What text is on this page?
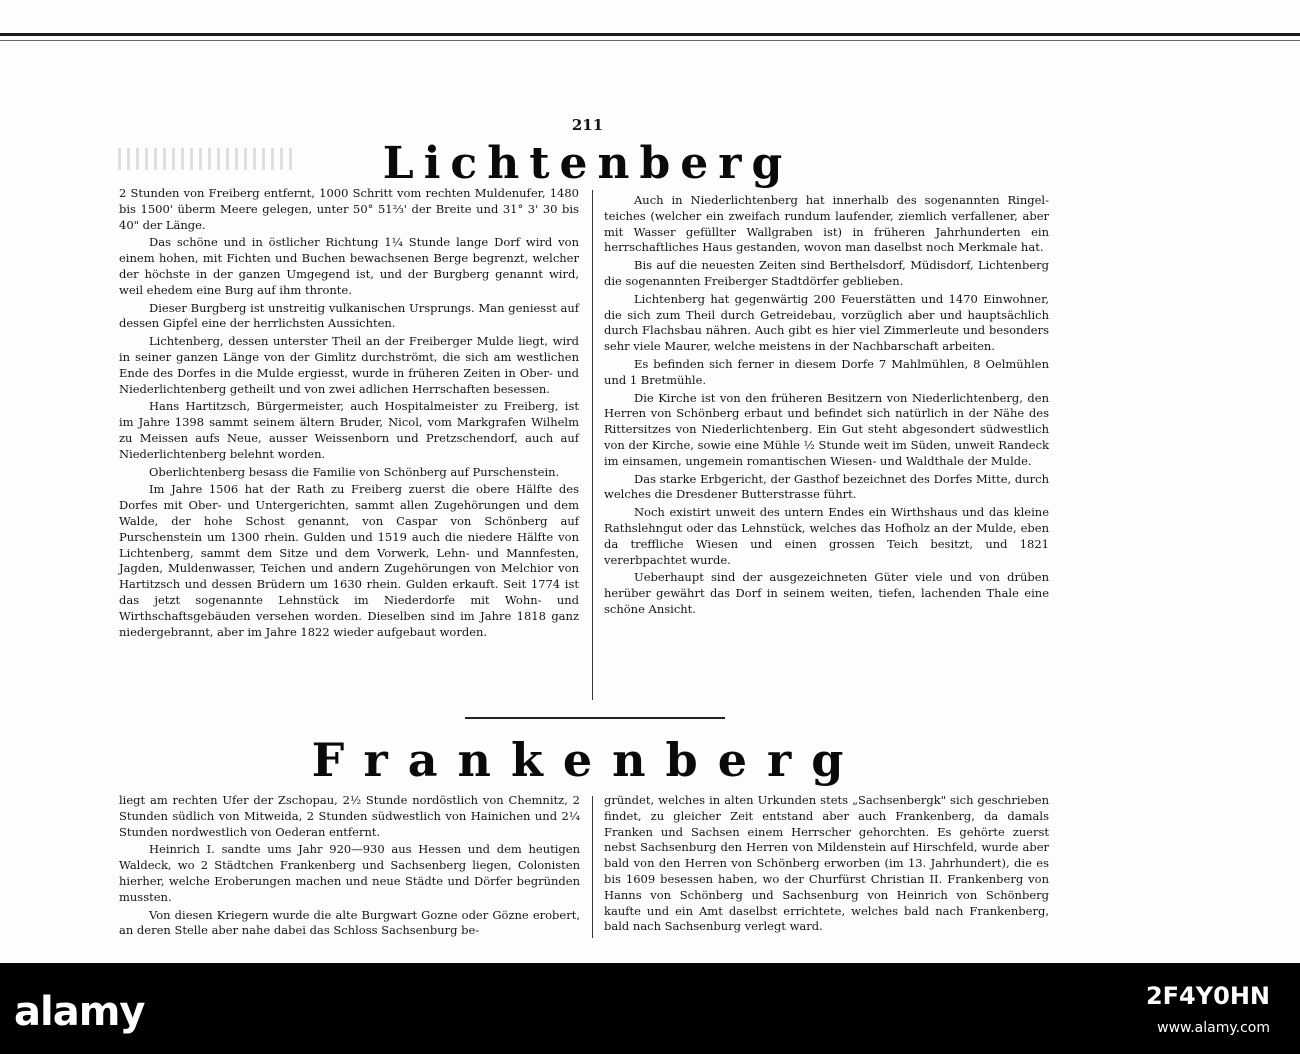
211
Lichtenberg

2 Stunden von Freiberg entfernt, 1000 Schritt vom rechten Muldenufer, 1480 bis 1500' überm Meere gelegen, unter 50° 51⅔' der Breite und 31° 3' 30 bis 40" der Länge.

Das schöne und in östlicher Richtung 1¼ Stunde lange Dorf wird von einem hohen, mit Fichten und Buchen bewachsenen Berge begrenzt, welcher der höchste in der ganzen Umgegend ist, und der Burgberg genannt wird, weil ehedem eine Burg auf ihm thronte.

Dieser Burgberg ist unstreitig vulkanischen Ursprungs. Man geniesst auf dessen Gipfel eine der herrlichsten Aussichten.

Lichtenberg, dessen unterster Theil an der Freiberger Mulde liegt, wird in seiner ganzen Länge von der Gimlitz durchströmt, die sich am westlichen Ende des Dorfes in die Mulde ergiesst, wurde in früheren Zeiten in Ober- und Niederlichtenberg getheilt und von zwei adlichen Herrschaften besessen.

Hans Hartitzsch, Bürgermeister, auch Hospitalmeister zu Freiberg, ist im Jahre 1398 sammt seinem ältern Bruder, Nicol, vom Markgrafen Wilhelm zu Meissen aufs Neue, ausser Weissenborn und Pretzschendorf, auch auf Niederlichtenberg belehnt worden.

Oberlichtenberg besass die Familie von Schönberg auf Purschenstein.

Im Jahre 1506 hat der Rath zu Freiberg zuerst die obere Hälfte des Dorfes mit Ober- und Untergerichten, sammt allen Zugehörungen und dem Walde, der hohe Schost genannt, von Caspar von Schönberg auf Purschenstein um 1300 rhein. Gulden und 1519 auch die niedere Hälfte von Lichtenberg, sammt dem Sitze und dem Vorwerk, Lehn- und Mannfesten, Jagden, Muldenwasser, Teichen und andern Zugehörungen von Melchior von Hartitzsch und dessen Brüdern um 1630 rhein. Gulden erkauft. Seit 1774 ist das jetzt sogenannte Lehnstück im Niederdorfe mit Wohn- und Wirthschaftsgebäuden versehen worden. Dieselben sind im Jahre 1818 ganz niedergebrannt, aber im Jahre 1822 wieder aufgebaut worden.

Auch in Niederlichtenberg hat innerhalb des sogenannten Ringelteiches (welcher ein zweifach rundum laufender, ziemlich verfallener, aber mit Wasser gefüllter Wallgraben ist) in früheren Jahrhunderten ein herrschaftliches Haus gestanden, wovon man daselbst noch Merkmale hat.

Bis auf die neuesten Zeiten sind Berthelsdorf, Müdisdorf, Lichtenberg die sogenannten Freiberger Stadtdörfer geblieben.

Lichtenberg hat gegenwärtig 200 Feuerstätten und 1470 Einwohner, die sich zum Theil durch Getreidebau, vorzüglich aber und hauptsächlich durch Flachsbau nähren. Auch gibt es hier viel Zimmerleute und besonders sehr viele Maurer, welche meistens in der Nachbarschaft arbeiten.

Es befinden sich ferner in diesem Dorfe 7 Mahlmühlen, 8 Oelmühlen und 1 Bretmühle.

Die Kirche ist von den früheren Besitzern von Niederlichtenberg, den Herren von Schönberg erbaut und befindet sich natürlich in der Nähe des Rittersitzes von Niederlichtenberg. Ein Gut steht abgesondert südwestlich von der Kirche, sowie eine Mühle ½ Stunde weit im Süden, unweit Randeck im einsamen, ungemein romantischen Wiesen- und Waldthale der Mulde.

Das starke Erbgericht, der Gasthof bezeichnet des Dorfes Mitte, durch welches die Dresdener Butterstrasse führt.

Noch existirt unweit des untern Endes ein Wirthshaus und das kleine Rathslehngut oder das Lehnstück, welches das Hofholz an der Mulde, eben da treffliche Wiesen und einen grossen Teich besitzt, und 1821 vererbpachtet wurde.

Ueberhaupt sind der ausgezeichneten Güter viele und von drüben herüber gewährt das Dorf in seinem weiten, tiefen, lachenden Thale eine schöne Ansicht.

Frankenberg

liegt am rechten Ufer der Zschopau, 2½ Stunde nordöstlich von Chemnitz, 2 Stunden südlich von Mitweida, 2 Stunden südwestlich von Hainichen und 2¼ Stunden nordwestlich von Oederan entfernt.

Heinrich I. sandte ums Jahr 920—930 aus Hessen und dem heutigen Waldeck, wo 2 Städtchen Frankenberg und Sachsenberg liegen, Colonisten hierher, welche Eroberungen machen und neue Städte und Dörfer begründen mussten.

Von diesen Kriegern wurde die alte Burgwart Gozne oder Gözne erobert, an deren Stelle aber nahe dabei das Schloss Sachsenburg be-

gründet, welches in alten Urkunden stets „Sachsenbergk" sich geschrieben findet, zu gleicher Zeit entstand aber auch Frankenberg, da damals Franken und Sachsen einem Herrscher gehorchten. Es gehörte zuerst nebst Sachsenburg den Herren von Mildenstein auf Hirschfeld, wurde aber bald von den Herren von Schönberg erworben (im 13. Jahrhundert), die es bis 1609 besessen haben, wo der Churfürst Christian II. Frankenberg von Hanns von Schönberg und Sachsenburg von Heinrich von Schönberg kaufte und ein Amt daselbst errichtete, welches bald nach Frankenberg, bald nach Sachsenburg verlegt ward.

alamy	2F4Y0HN
www.alamy.com
